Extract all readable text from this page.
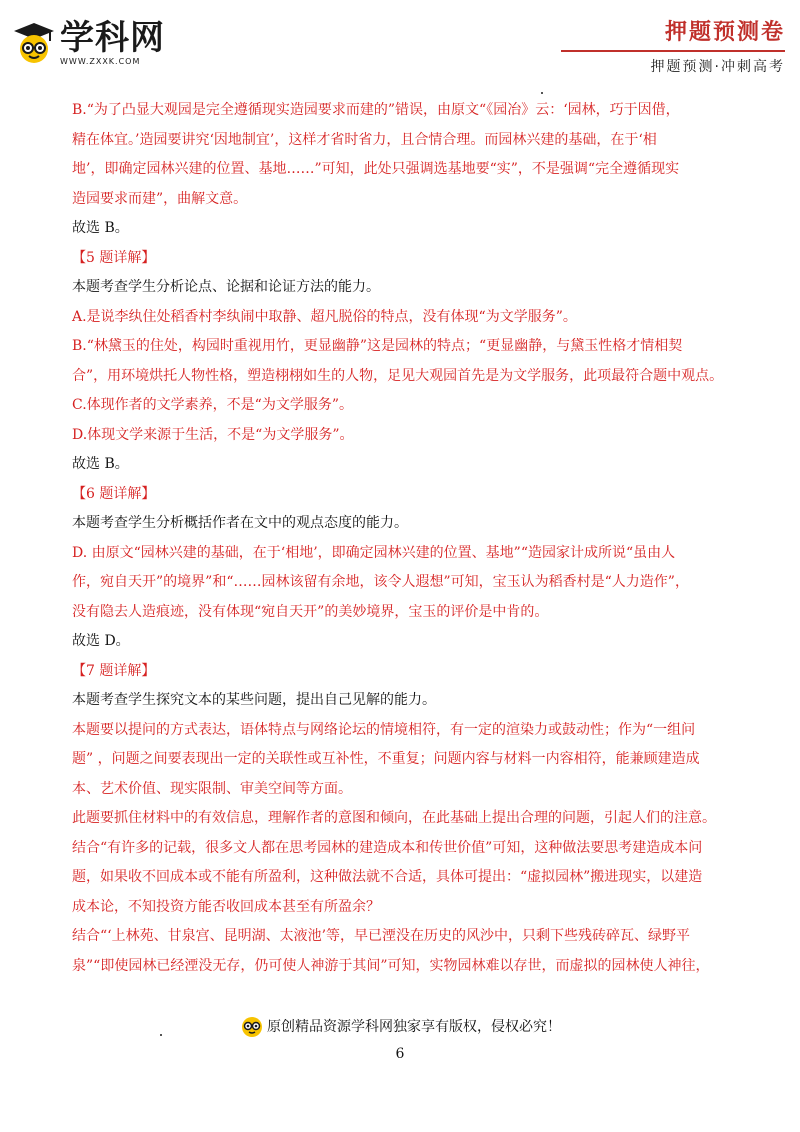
学科网
WWW.ZXXK.COM
押题预测卷
押题预测·冲刺高考
B.“为了凸显大观园是完全遵循现实造园要求而建的”错误，由原文“《园冶》云：‘园林，巧于因借，
精在体宜。’造园要讲究‘因地制宜’，这样才省时省力，且合情合理。而园林兴建的基础，在于‘相
地’，即确定园林兴建的位置、基地……”可知，此处只强调选基地要“实”，不是强调“完全遵循现实
造园要求而建”，曲解文意。
故选 B。
【5 题详解】
本题考查学生分析论点、论据和论证方法的能力。
A.是说李纨住处稻香村李纨闹中取静、超凡脱俗的特点，没有体现“为文学服务”。
B.“林黛玉的住处，构园时重视用竹，更显幽静”这是园林的特点；“更显幽静，与黛玉性格才情相契
合”，用环境烘托人物性格，塑造栩栩如生的人物，足见大观园首先是为文学服务，此项最符合题中观点。
C.体现作者的文学素养，不是“为文学服务”。
D.体现文学来源于生活，不是“为文学服务”。
故选 B。
【6 题详解】
本题考查学生分析概括作者在文中的观点态度的能力。
D. 由原文“园林兴建的基础，在于‘相地’，即确定园林兴建的位置、基地”“造园家计成所说“虽由人
作，宛自天开”的境界”和“……园林该留有余地，该令人遐想”可知，宝玉认为稻香村是“人力造作”，
没有隐去人造痕迹，没有体现“宛自天开”的美妙境界，宝玉的评价是中肯的。
故选 D。
【7 题详解】
本题考查学生探究文本的某些问题，提出自己见解的能力。
本题要以提问的方式表达，语体特点与网络论坛的情境相符，有一定的渲染力或鼓动性；作为“一组问
题” ，问题之间要表现出一定的关联性或互补性，不重复；问题内容与材料一内容相符，能兼顾建造成
本、艺术价值、现实限制、审美空间等方面。
此题要抓住材料中的有效信息，理解作者的意图和倾向，在此基础上提出合理的问题，引起人们的注意。
结合“有许多的记载，很多文人都在思考园林的建造成本和传世价值”可知，这种做法要思考建造成本问
题，如果收不回成本或不能有所盈利，这种做法就不合适，具体可提出：“虚拟园林”搬进现实，以建造
成本论，不知投资方能否收回成本甚至有所盈余？
结合“‘上林苑、甘泉宫、昆明湖、太液池’等，早已湮没在历史的风沙中，只剩下些残砖碎瓦、绿野平
泉”“即使园林已经湮没无存，仍可使人神游于其间”可知，实物园林难以存世，而虚拟的园林使人神往，
原创精品资源学科网独家享有版权，侵权必究！
6
